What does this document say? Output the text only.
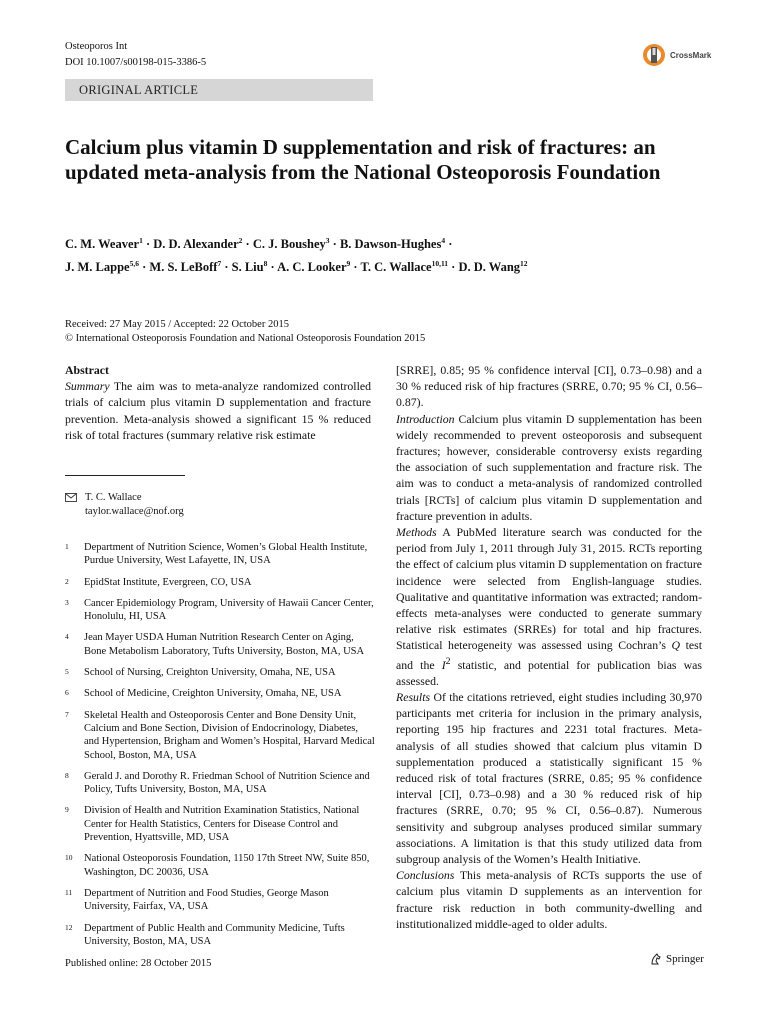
Osteoporos Int
DOI 10.1007/s00198-015-3386-5
CrossMark
ORIGINAL ARTICLE
Calcium plus vitamin D supplementation and risk of fractures: an updated meta-analysis from the National Osteoporosis Foundation
C. M. Weaver$^1$ · D. D. Alexander$^2$ · C. J. Boushey$^3$ · B. Dawson-Hughes$^4$ ·
J. M. Lappe$^{5,6}$ · M. S. LeBoff$^7$ · S. Liu$^8$ · A. C. Looker$^9$ · T. C. Wallace$^{10,11}$ · D. D. Wang$^{12}$
Received: 27 May 2015 / Accepted: 22 October 2015
© International Osteoporosis Foundation and National Osteoporosis Foundation 2015

Abstract

Summary The aim was to meta-analyze randomized controlled trials of calcium plus vitamin D supplementation and fracture prevention. Meta-analysis showed a significant 15 % reduced risk of total fractures (summary relative risk estimate

T. C. Wallace
taylor.wallace@nof.org
1	Department of Nutrition Science, Women’s Global Health Institute, Purdue University, West Lafayette, IN, USA
2	EpidStat Institute, Evergreen, CO, USA
3	Cancer Epidemiology Program, University of Hawaii Cancer Center, Honolulu, HI, USA
4	Jean Mayer USDA Human Nutrition Research Center on Aging, Bone Metabolism Laboratory, Tufts University, Boston, MA, USA
5	School of Nursing, Creighton University, Omaha, NE, USA
6	School of Medicine, Creighton University, Omaha, NE, USA
7	Skeletal Health and Osteoporosis Center and Bone Density Unit, Calcium and Bone Section, Division of Endocrinology, Diabetes, and Hypertension, Brigham and Women’s Hospital, Harvard Medical School, Boston, MA, USA
8	Gerald J. and Dorothy R. Friedman School of Nutrition Science and Policy, Tufts University, Boston, MA, USA
9	Division of Health and Nutrition Examination Statistics, National Center for Health Statistics, Centers for Disease Control and Prevention, Hyattsville, MD, USA
10	National Osteoporosis Foundation, 1150 17th Street NW, Suite 850, Washington, DC 20036, USA
11	Department of Nutrition and Food Studies, George Mason University, Fairfax, VA, USA
12	Department of Public Health and Community Medicine, Tufts University, Boston, MA, USA

[SRRE], 0.85; 95 % confidence interval [CI], 0.73–0.98) and a 30 % reduced risk of hip fractures (SRRE, 0.70; 95 % CI, 0.56–0.87).

Introduction Calcium plus vitamin D supplementation has been widely recommended to prevent osteoporosis and subsequent fractures; however, considerable controversy exists regarding the association of such supplementation and fracture risk. The aim was to conduct a meta-analysis of randomized controlled trials [RCTs] of calcium plus vitamin D supplementation and fracture prevention in adults.

Methods A PubMed literature search was conducted for the period from July 1, 2011 through July 31, 2015. RCTs reporting the effect of calcium plus vitamin D supplementation on fracture incidence were selected from English-language studies. Qualitative and quantitative information was extracted; random-effects meta-analyses were conducted to generate summary relative risk estimates (SRREs) for total and hip fractures. Statistical heterogeneity was assessed using Cochran’s Q test and the $I^2$ statistic, and potential for publication bias was assessed.

Results Of the citations retrieved, eight studies including 30,970 participants met criteria for inclusion in the primary analysis, reporting 195 hip fractures and 2231 total fractures. Meta-analysis of all studies showed that calcium plus vitamin D supplementation produced a statistically significant 15 % reduced risk of total fractures (SRRE, 0.85; 95 % confidence interval [CI], 0.73–0.98) and a 30 % reduced risk of hip fractures (SRRE, 0.70; 95 % CI, 0.56–0.87). Numerous sensitivity and subgroup analyses produced similar summary associations. A limitation is that this study utilized data from subgroup analysis of the Women’s Health Initiative.

Conclusions This meta-analysis of RCTs supports the use of calcium plus vitamin D supplements as an intervention for fracture risk reduction in both community-dwelling and institutionalized middle-aged to older adults.

Published online: 28 October 2015	Springer
